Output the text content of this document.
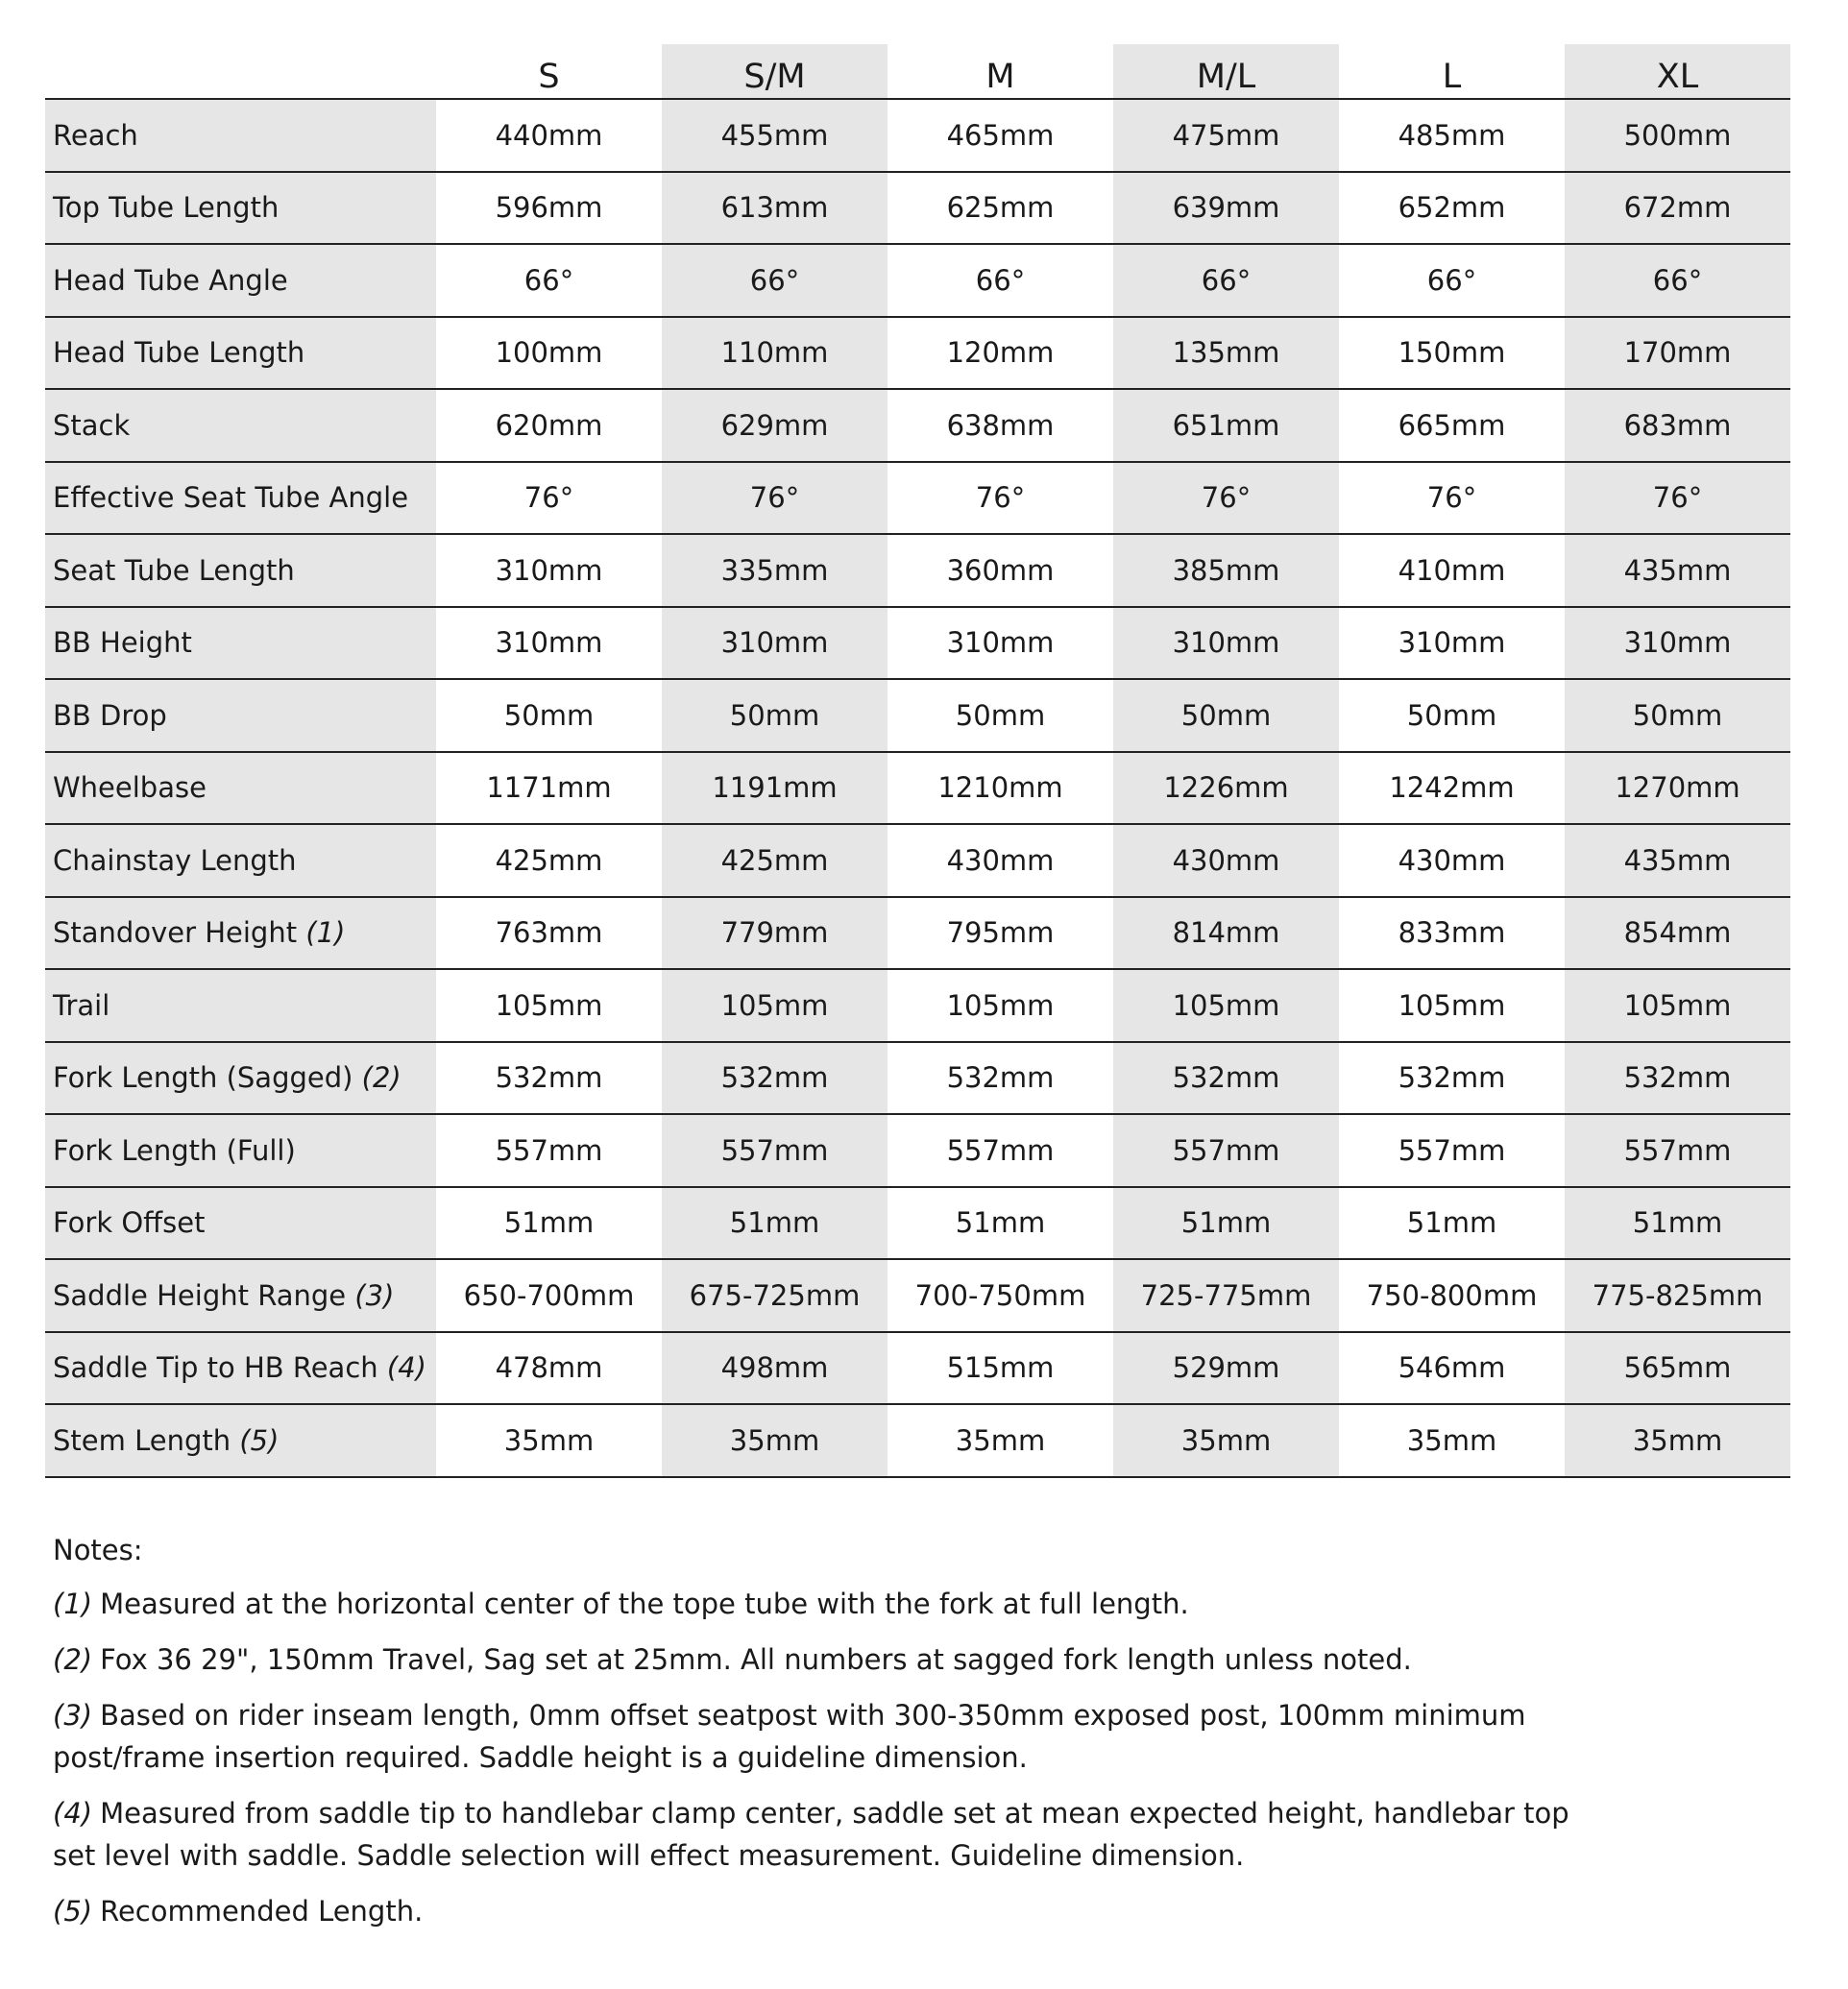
	S	S/M	M	M/L	L	XL
Reach	440mm	455mm	465mm	475mm	485mm	500mm
Top Tube Length	596mm	613mm	625mm	639mm	652mm	672mm
Head Tube Angle	66°	66°	66°	66°	66°	66°
Head Tube Length	100mm	110mm	120mm	135mm	150mm	170mm
Stack	620mm	629mm	638mm	651mm	665mm	683mm
Effective Seat Tube Angle	76°	76°	76°	76°	76°	76°
Seat Tube Length	310mm	335mm	360mm	385mm	410mm	435mm
BB Height	310mm	310mm	310mm	310mm	310mm	310mm
BB Drop	50mm	50mm	50mm	50mm	50mm	50mm
Wheelbase	1171mm	1191mm	1210mm	1226mm	1242mm	1270mm
Chainstay Length	425mm	425mm	430mm	430mm	430mm	435mm
Standover Height (1)	763mm	779mm	795mm	814mm	833mm	854mm
Trail	105mm	105mm	105mm	105mm	105mm	105mm
Fork Length (Sagged) (2)	532mm	532mm	532mm	532mm	532mm	532mm
Fork Length (Full)	557mm	557mm	557mm	557mm	557mm	557mm
Fork Offset	51mm	51mm	51mm	51mm	51mm	51mm
Saddle Height Range (3)	650-700mm	675-725mm	700-750mm	725-775mm	750-800mm	775-825mm
Saddle Tip to HB Reach (4)	478mm	498mm	515mm	529mm	546mm	565mm
Stem Length (5)	35mm	35mm	35mm	35mm	35mm	35mm
Notes:
(1) Measured at the horizontal center of the tope tube with the fork at full length.
(2) Fox 36 29", 150mm Travel, Sag set at 25mm. All numbers at sagged fork length unless noted.
(3) Based on rider inseam length, 0mm offset seatpost with 300-350mm exposed post, 100mm minimum post/frame insertion required. Saddle height is a guideline dimension.
(4) Measured from saddle tip to handlebar clamp center, saddle set at mean expected height, handlebar top set level with saddle. Saddle selection will effect measurement. Guideline dimension.
(5) Recommended Length.
